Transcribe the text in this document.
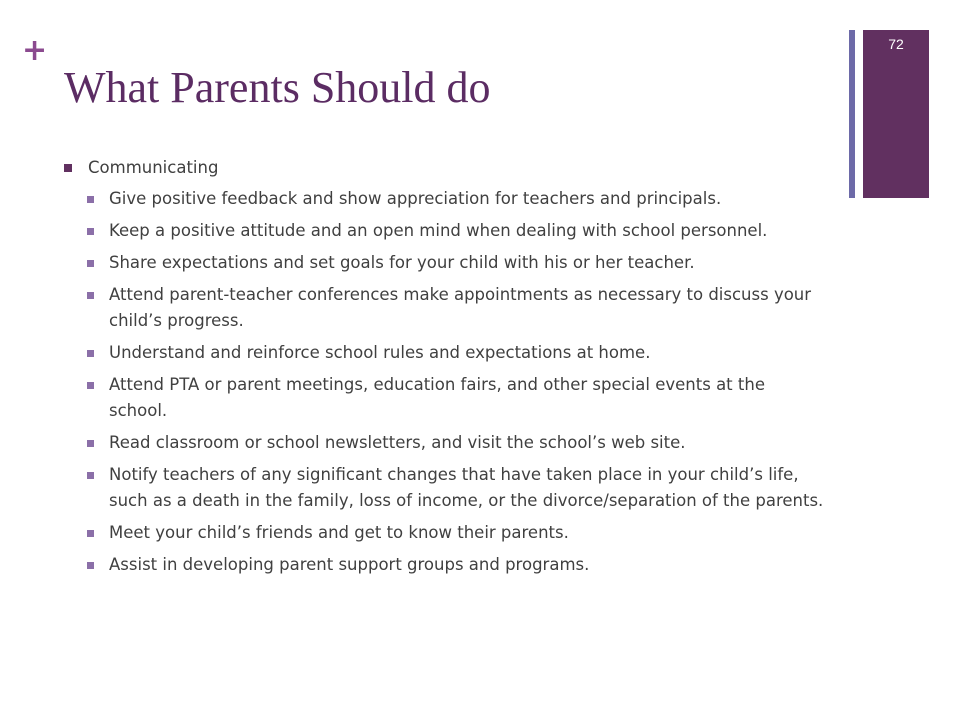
+
What Parents Should do
72
Communicating
Give positive feedback and show appreciation for teachers and principals.
Keep a positive attitude and an open mind when dealing with school personnel.
Share expectations and set goals for your child with his or her teacher.
Attend parent-teacher conferences make appointments as necessary to discuss your child’s progress.
Understand and reinforce school rules and expectations at home.
Attend PTA or parent meetings, education fairs, and other special events at the school.
Read classroom or school newsletters, and visit the school’s web site.
Notify teachers of any significant changes that have taken place in your child’s life, such as a death in the family, loss of income, or the divorce/separation of the parents.
Meet your child’s friends and get to know their parents.
Assist in developing parent support groups and programs.
